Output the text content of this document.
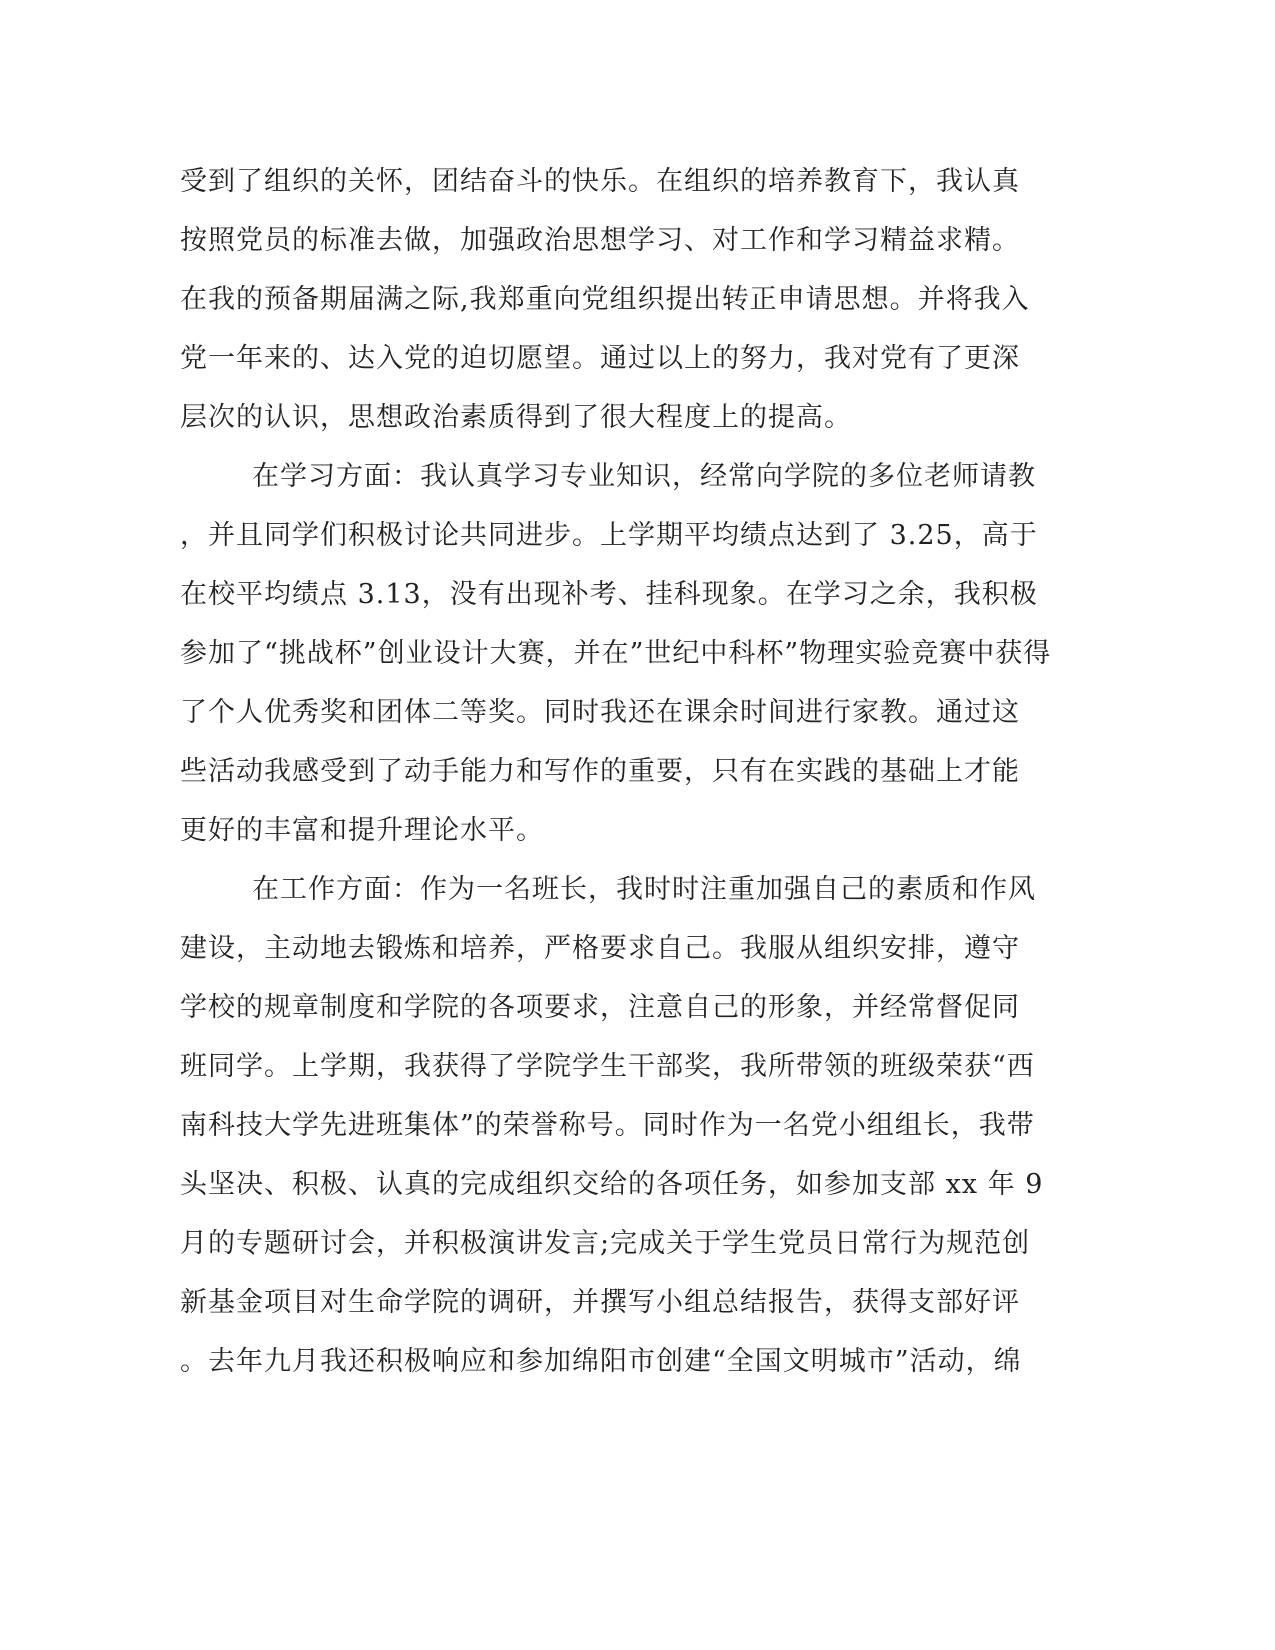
受到了组织的关怀，团结奋斗的快乐。在组织的培养教育下，我认真
按照党员的标准去做，加强政治思想学习、对工作和学习精益求精。
在我的预备期届满之际,我郑重向党组织提出转正申请思想。并将我入
党一年来的、达入党的迫切愿望。通过以上的努力，我对党有了更深
层次的认识，思想政治素质得到了很大程度上的提高。
在学习方面：我认真学习专业知识，经常向学院的多位老师请教
，并且同学们积极讨论共同进步。上学期平均绩点达到了 3.25，高于
在校平均绩点 3.13，没有出现补考、挂科现象。在学习之余，我积极
参加了“挑战杯”创业设计大赛，并在”世纪中科杯”物理实验竞赛中获得
了个人优秀奖和团体二等奖。同时我还在课余时间进行家教。通过这
些活动我感受到了动手能力和写作的重要，只有在实践的基础上才能
更好的丰富和提升理论水平。
在工作方面：作为一名班长，我时时注重加强自己的素质和作风
建设，主动地去锻炼和培养，严格要求自己。我服从组织安排，遵守
学校的规章制度和学院的各项要求，注意自己的形象，并经常督促同
班同学。上学期，我获得了学院学生干部奖，我所带领的班级荣获“西
南科技大学先进班集体”的荣誉称号。同时作为一名党小组组长，我带
头坚决、积极、认真的完成组织交给的各项任务，如参加支部 xx 年 9
月的专题研讨会，并积极演讲发言;完成关于学生党员日常行为规范创
新基金项目对生命学院的调研，并撰写小组总结报告，获得支部好评
。去年九月我还积极响应和参加绵阳市创建“全国文明城市”活动，绵
